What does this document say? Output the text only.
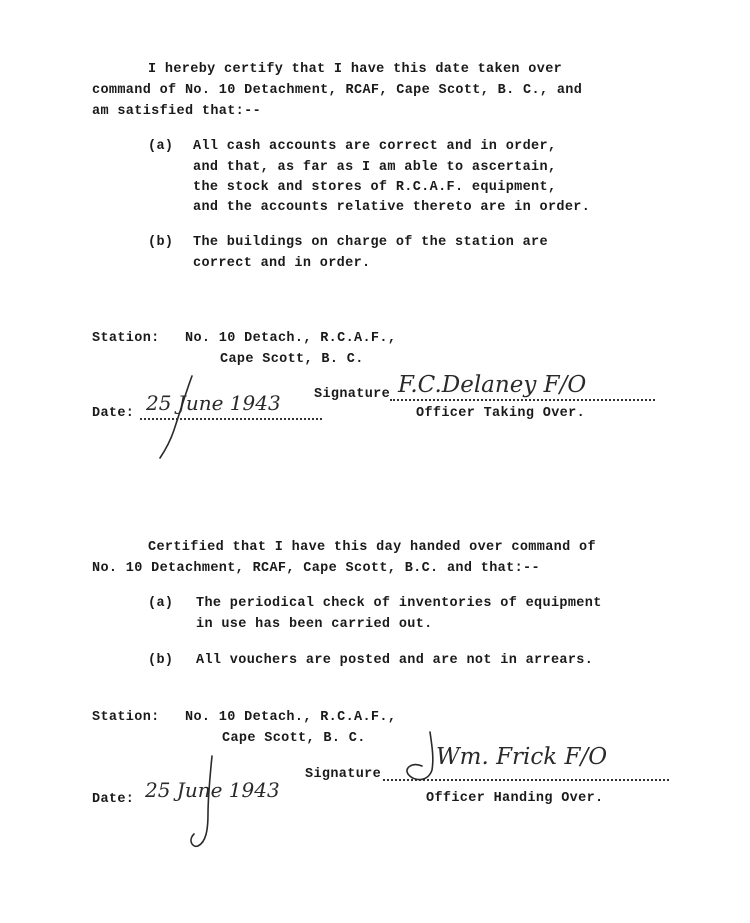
I hereby certify that I have this date taken over
command of No. 10 Detachment, RCAF, Cape Scott, B. C., and
am satisfied that:--
(a) All cash accounts are correct and in order,
and that, as far as I am able to ascertain,
the stock and stores of R.C.A.F. equipment,
and the accounts relative thereto are in order.
(b) The buildings on charge of the station are
correct and in order.
Station: No. 10 Detach., R.C.A.F.,
Cape Scott, B. C.
Signature F.C.Delaney F/O
Date: 25 June 1943	Officer Taking Over.
Certified that I have this day handed over command of
No. 10 Detachment, RCAF, Cape Scott, B.C. and that:--
(a) The periodical check of inventories of equipment
in use has been carried out.
(b) All vouchers are posted and are not in arrears.
Station: No. 10 Detach., R.C.A.F.,
Cape Scott, B. C.
Signature
Wm. Frick F/O
Date: 25 June 1943	Officer Handing Over.
